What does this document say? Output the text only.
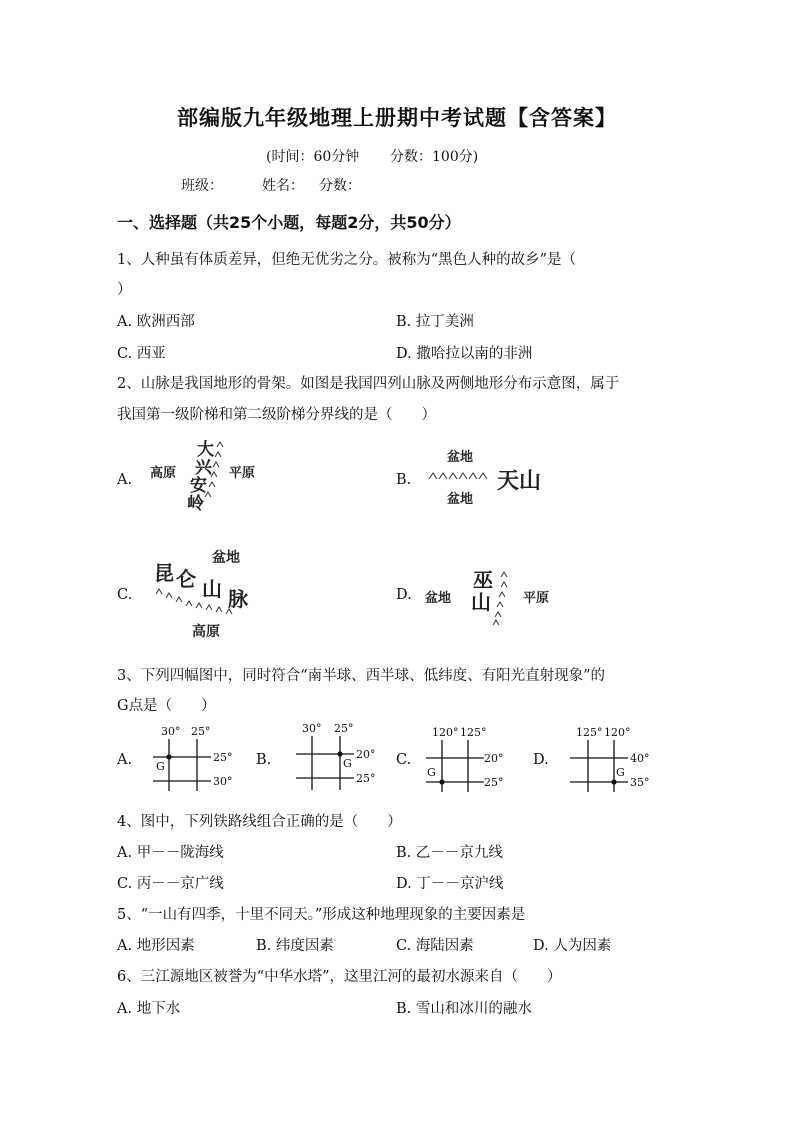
部编版九年级地理上册期中考试题【含答案】
(时间：60分钟 分数：100分)
班级：	姓名： 分数：
一、选择题（共25个小题，每题2分，共50分）
1、人种虽有体质差异，但绝无优劣之分。被称为“黑色人种的故乡”是（
）
A. 欧洲西部	B. 拉丁美洲
C. 西亚	D. 撒哈拉以南的非洲
2、山脉是我国地形的骨架。如图是我国四列山脉及两侧地形分布示意图，属于
我国第一级阶梯和第二级阶梯分界线的是（　　）
A.	B.
C.	D.
高原	平原
大
兴
安
岭
盆地
盆地
天山
盆地
高原
昆 仑 山 脉	盆地	平原
巫
山
3、下列四幅图中，同时符合“南半球、西半球、低纬度、有阳光直射现象”的
G点是（　　）
A.	B.	C.	D.
30° 25°
25°
30°
G
30° 25°
20°
25°
G
120° 125°
20°
25°
G
125° 120°
40°
35°
G
4、图中，下列铁路线组合正确的是（　　）
A. 甲－－陇海线	B. 乙－－京九线
C. 丙－－京广线	D. 丁－－京沪线
5、“一山有四季，十里不同天。”形成这种地理现象的主要因素是
A. 地形因素	B. 纬度因素	C. 海陆因素	D. 人为因素
6、三江源地区被誉为“中华水塔”，这里江河的最初水源来自（　　）
A. 地下水	B. 雪山和冰川的融水
